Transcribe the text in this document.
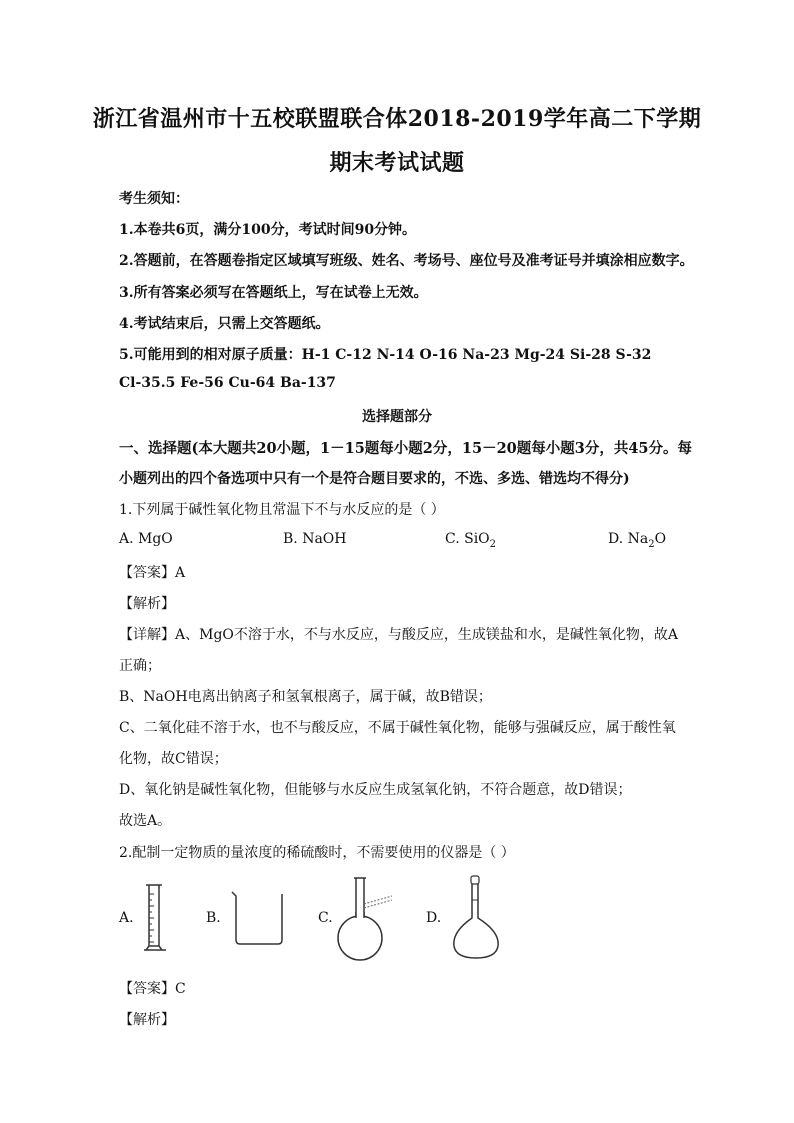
浙江省温州市十五校联盟联合体2018-2019学年高二下学期
期末考试试题
考生须知：
1.本卷共6页，满分100分，考试时间90分钟。
2.答题前，在答题卷指定区域填写班级、姓名、考场号、座位号及准考证号并填涂相应数字。
3.所有答案必须写在答题纸上，写在试卷上无效。
4.考试结束后，只需上交答题纸。
5.可能用到的相对原子质量：H-1 C-12 N-14 O-16 Na-23 Mg-24 Si-28 S-32
Cl-35.5 Fe-56 Cu-64 Ba-137
选择题部分
一、选择题(本大题共20小题，1－15题每小题2分，15－20题每小题3分，共45分。每
小题列出的四个备选项中只有一个是符合题目要求的，不选、多选、错选均不得分)
1.下列属于碱性氧化物且常温下不与水反应的是（ ）
A. MgO	B. NaOH	C. SiO$_2$	D. $Na_2O$
【答案】A
【解析】
【详解】A、MgO不溶于水，不与水反应，与酸反应，生成镁盐和水，是碱性氧化物，故A
正确；
B、NaOH电离出钠离子和氢氧根离子，属于碱，故B错误；
C、二氧化硅不溶于水，也不与酸反应，不属于碱性氧化物，能够与强碱反应，属于酸性氧
化物，故C错误；
D、氧化钠是碱性氧化物，但能够与水反应生成氢氧化钠，不符合题意，故D错误；
故选A。
2.配制一定物质的量浓度的稀硫酸时，不需要使用的仪器是（ ）
A.	B.	C.	D.
【答案】C
【解析】
